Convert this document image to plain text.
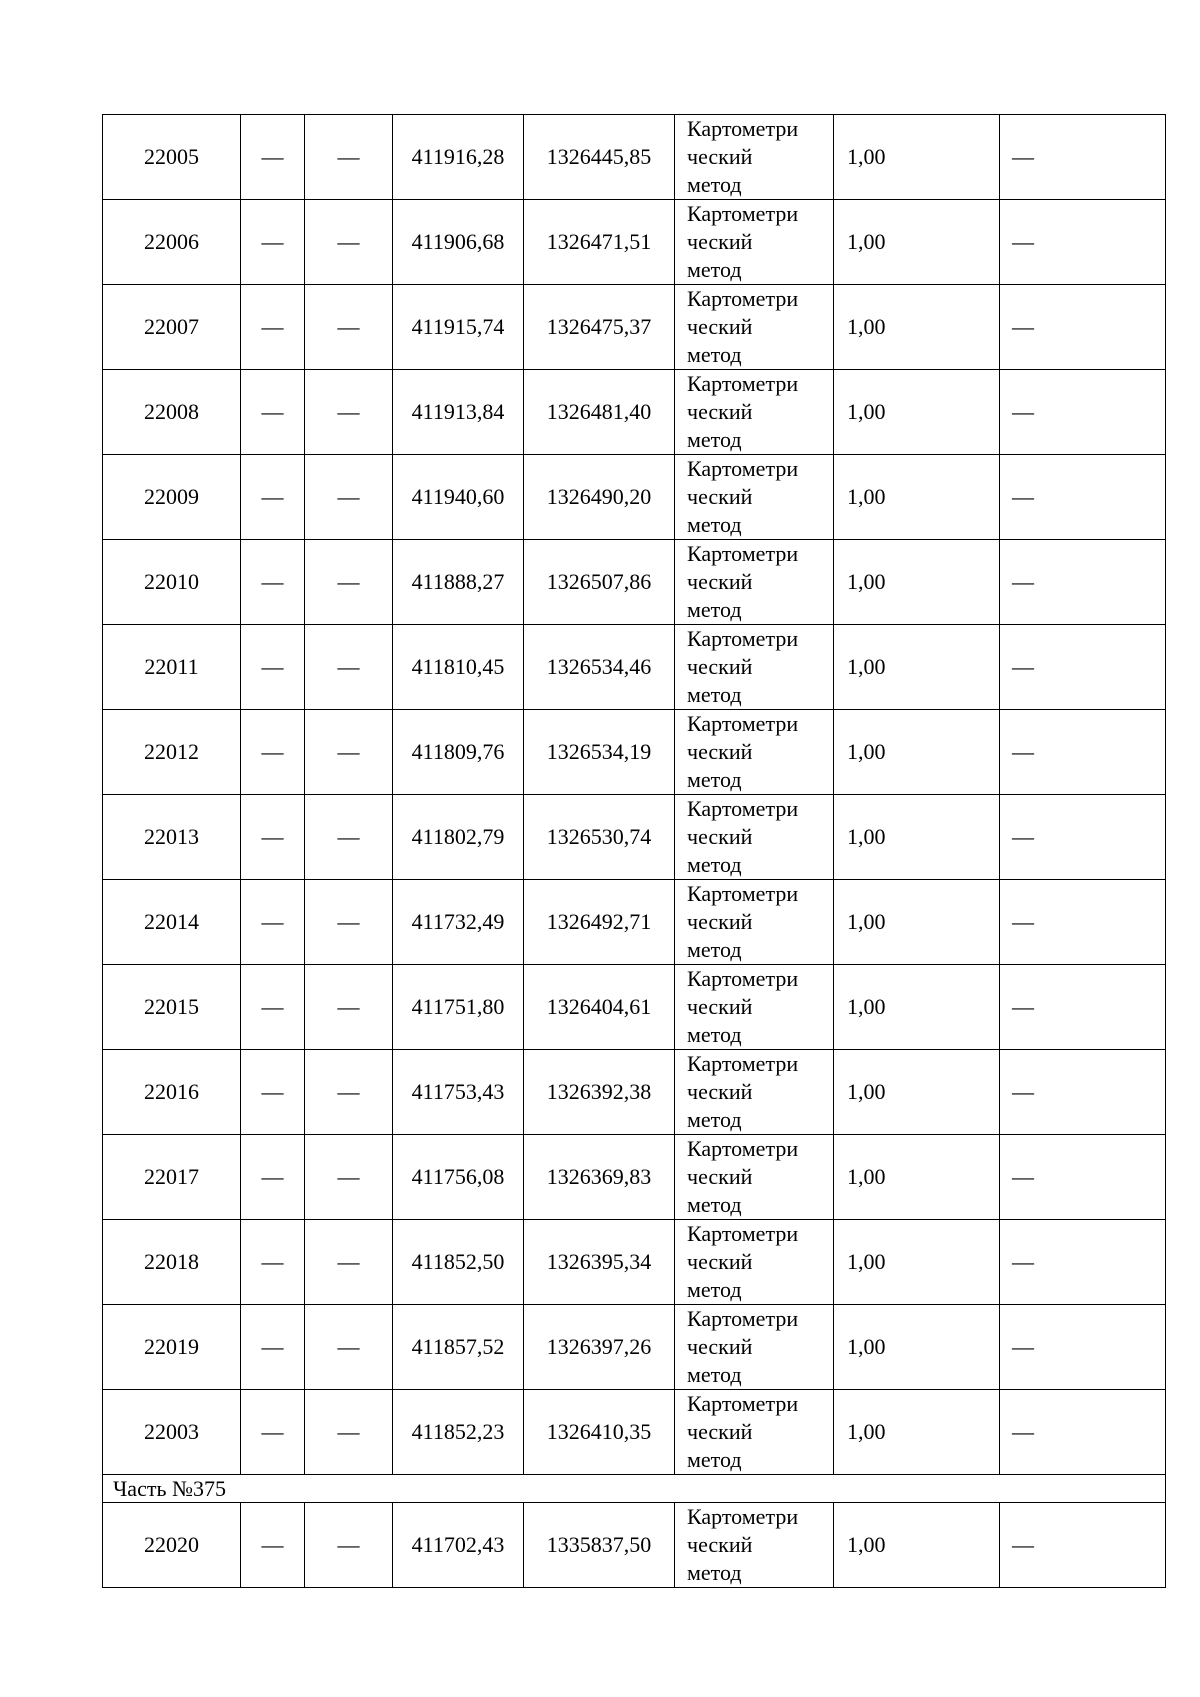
22005	—	—	411916,28	1326445,85	Картометри
ческий
метод	1,00	—
22006	—	—	411906,68	1326471,51	Картометри
ческий
метод	1,00	—
22007	—	—	411915,74	1326475,37	Картометри
ческий
метод	1,00	—
22008	—	—	411913,84	1326481,40	Картометри
ческий
метод	1,00	—
22009	—	—	411940,60	1326490,20	Картометри
ческий
метод	1,00	—
22010	—	—	411888,27	1326507,86	Картометри
ческий
метод	1,00	—
22011	—	—	411810,45	1326534,46	Картометри
ческий
метод	1,00	—
22012	—	—	411809,76	1326534,19	Картометри
ческий
метод	1,00	—
22013	—	—	411802,79	1326530,74	Картометри
ческий
метод	1,00	—
22014	—	—	411732,49	1326492,71	Картометри
ческий
метод	1,00	—
22015	—	—	411751,80	1326404,61	Картометри
ческий
метод	1,00	—
22016	—	—	411753,43	1326392,38	Картометри
ческий
метод	1,00	—
22017	—	—	411756,08	1326369,83	Картометри
ческий
метод	1,00	—
22018	—	—	411852,50	1326395,34	Картометри
ческий
метод	1,00	—
22019	—	—	411857,52	1326397,26	Картометри
ческий
метод	1,00	—
22003	—	—	411852,23	1326410,35	Картометри
ческий
метод	1,00	—
Часть №375							
22020	—	—	411702,43	1335837,50	Картометри
ческий
метод	1,00	—
